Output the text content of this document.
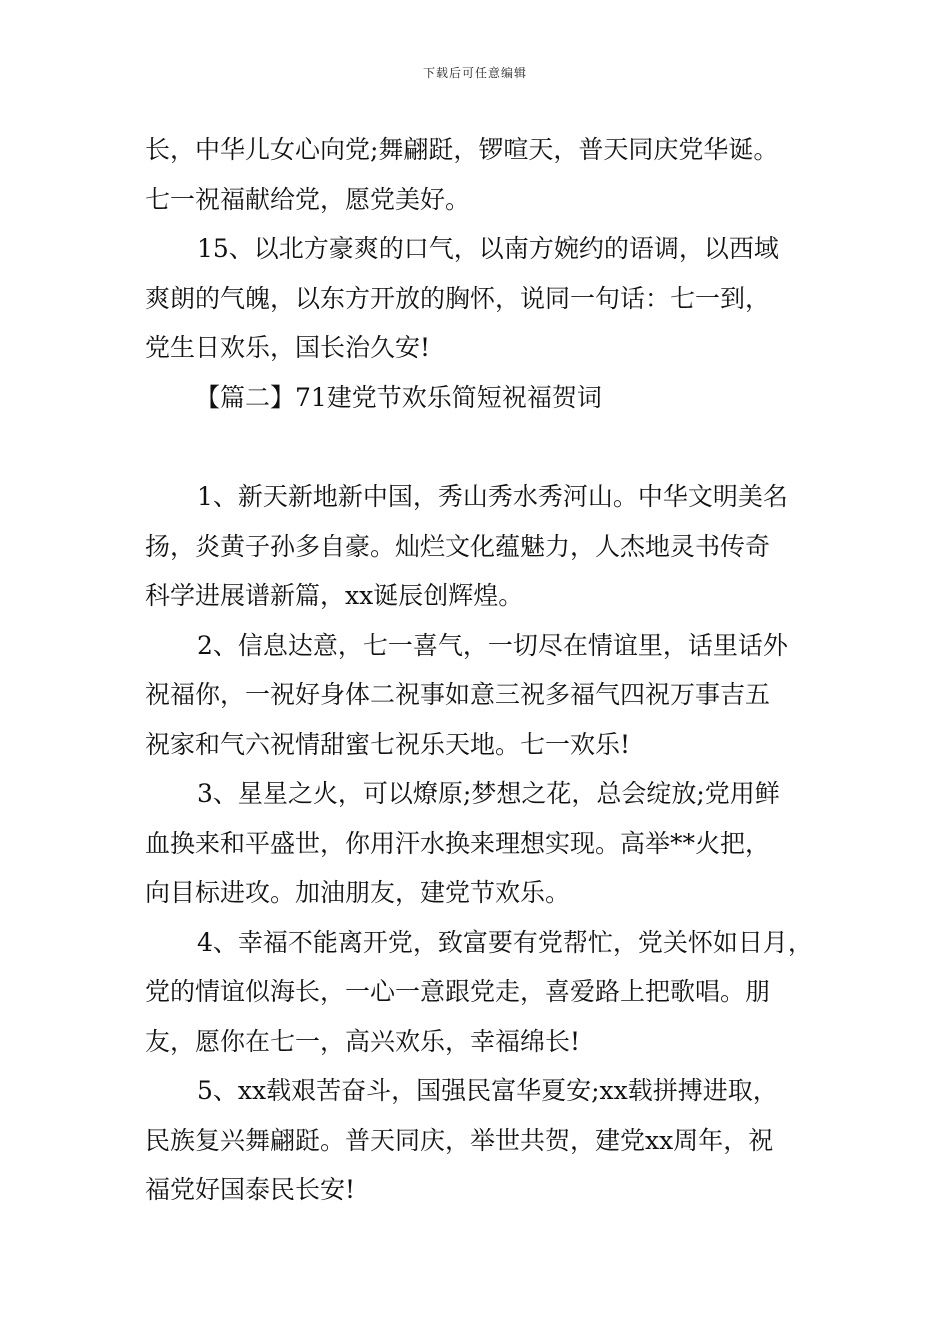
下载后可任意编辑
长，中华儿女心向党;舞翩跹，锣喧天，普天同庆党华诞。
七一祝福献给党，愿党美好。
15、以北方豪爽的口气，以南方婉约的语调，以西域
爽朗的气魄，以东方开放的胸怀，说同一句话：七一到，
党生日欢乐，国长治久安!
【篇二】71建党节欢乐简短祝福贺词
1、新天新地新中国，秀山秀水秀河山。中华文明美名
扬，炎黄子孙多自豪。灿烂文化蕴魅力，人杰地灵书传奇
科学进展谱新篇，xx诞辰创辉煌。
2、信息达意，七一喜气，一切尽在情谊里，话里话外
祝福你，一祝好身体二祝事如意三祝多福气四祝万事吉五
祝家和气六祝情甜蜜七祝乐天地。七一欢乐!
3、星星之火，可以燎原;梦想之花，总会绽放;党用鲜
血换来和平盛世，你用汗水换来理想实现。高举**火把，
向目标进攻。加油朋友，建党节欢乐。
4、幸福不能离开党，致富要有党帮忙，党关怀如日月，
党的情谊似海长，一心一意跟党走，喜爱路上把歌唱。朋
友，愿你在七一，高兴欢乐，幸福绵长!
5、xx载艰苦奋斗，国强民富华夏安;xx载拼搏进取，
民族复兴舞翩跹。普天同庆，举世共贺，建党xx周年，祝
福党好国泰民长安!
